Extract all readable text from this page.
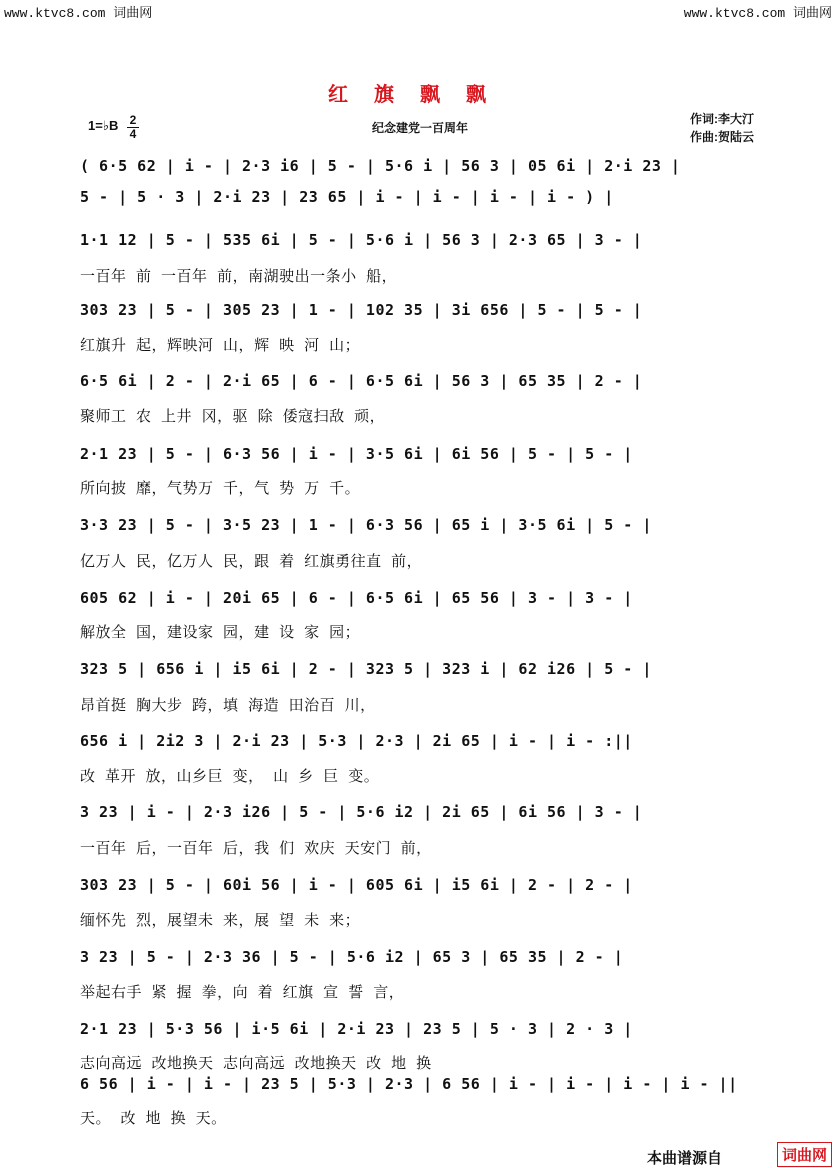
www.ktvc8.com 词曲网	www.ktvc8.com 词曲网
红旗飘飘
1=♭B 2
4	纪念建党一百周年
作词:李大汀
作曲:贺陆云
( 6·5 62 | i - | 2·3 i6 | 5 - | 5·6 i | 56 3 | 05 6i | 2·i 23 |
5 - | 5 · 3 | 2·i 23 | 23 65 | i - | i - | i - | i - ) |
1·1 12 | 5 - | 535 6i | 5 - | 5·6 i | 56 3 | 2·3 65 | 3 - |
一百年 前 一百年 前，南湖驶出一条小 船，
303 23 | 5 - | 305 23 | 1 - | 102 35 | 3i 656 | 5 - | 5 - |
红旗升 起，辉映河 山，辉 映 河 山；
6·5 6i | 2 - | 2·i 65 | 6 - | 6·5 6i | 56 3 | 65 35 | 2 - |
聚师工 农 上井 冈，驱 除 倭寇扫敌 顽，
2·1 23 | 5 - | 6·3 56 | i - | 3·5 6i | 6i 56 | 5 - | 5 - |
所向披 靡，气势万 千，气 势 万 千。
3·3 23 | 5 - | 3·5 23 | 1 - | 6·3 56 | 65 i | 3·5 6i | 5 - |
亿万人 民，亿万人 民，跟 着 红旗勇往直 前，
605 62 | i - | 20i 65 | 6 - | 6·5 6i | 65 56 | 3 - | 3 - |
解放全 国，建设家 园，建 设 家 园；
323 5 | 656 i | i5 6i | 2 - | 323 5 | 323 i | 62 i26 | 5 - |
昂首挺 胸大步 跨，填 海造 田治百 川，
656 i | 2i2 3 | 2·i 23 | 5·3 | 2·3 | 2i 65 | i - | i - :||
改 革开 放，山乡巨 变， 山 乡 巨 变。
3 23 | i - | 2·3 i26 | 5 - | 5·6 i2 | 2i 65 | 6i 56 | 3 - |
一百年 后，一百年 后，我 们 欢庆 天安门 前，
303 23 | 5 - | 60i 56 | i - | 605 6i | i5 6i | 2 - | 2 - |
缅怀先 烈，展望未 来，展 望 未 来；
3 23 | 5 - | 2·3 36 | 5 - | 5·6 i2 | 65 3 | 65 35 | 2 - |
举起右手 紧 握 拳，向 着 红旗 宣 誓 言，
2·1 23 | 5·3 56 | i·5 6i | 2·i 23 | 23 5 | 5 · 3 | 2 · 3 |
志向高远 改地换天 志向高远 改地换天 改 地 换
6 56 | i - | i - | 23 5 | 5·3 | 2·3 | 6 56 | i - | i - | i - | i - ||
天。 改 地 换 天。
本曲谱源自	词曲网
